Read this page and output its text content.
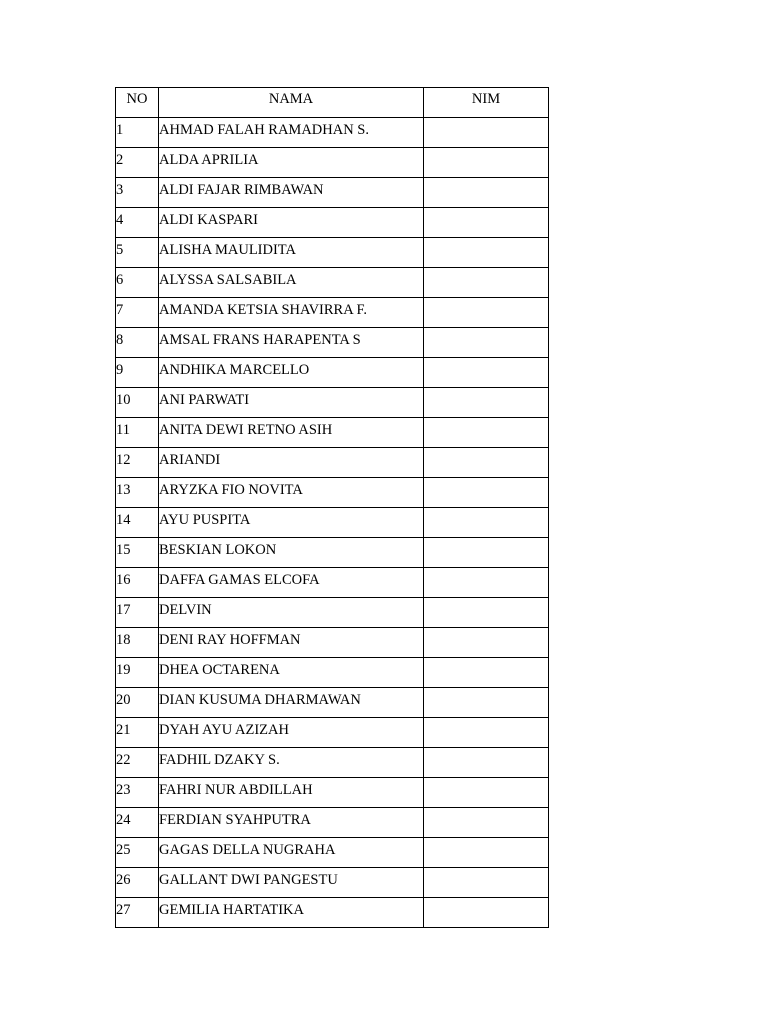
NO	NAMA	NIM
1	AHMAD FALAH RAMADHAN S.	
2	ALDA APRILIA	
3	ALDI FAJAR RIMBAWAN	
4	ALDI KASPARI	
5	ALISHA MAULIDITA	
6	ALYSSA SALSABILA	
7	AMANDA KETSIA SHAVIRRA F.	
8	AMSAL FRANS HARAPENTA S	
9	ANDHIKA MARCELLO	
10	ANI PARWATI	
11	ANITA DEWI RETNO ASIH	
12	ARIANDI	
13	ARYZKA FIO NOVITA	
14	AYU PUSPITA	
15	BESKIAN LOKON	
16	DAFFA GAMAS ELCOFA	
17	DELVIN	
18	DENI RAY HOFFMAN	
19	DHEA OCTARENA	
20	DIAN KUSUMA DHARMAWAN	
21	DYAH AYU AZIZAH	
22	FADHIL DZAKY S.	
23	FAHRI NUR ABDILLAH	
24	FERDIAN SYAHPUTRA	
25	GAGAS DELLA NUGRAHA	
26	GALLANT DWI PANGESTU	
27	GEMILIA HARTATIKA	
